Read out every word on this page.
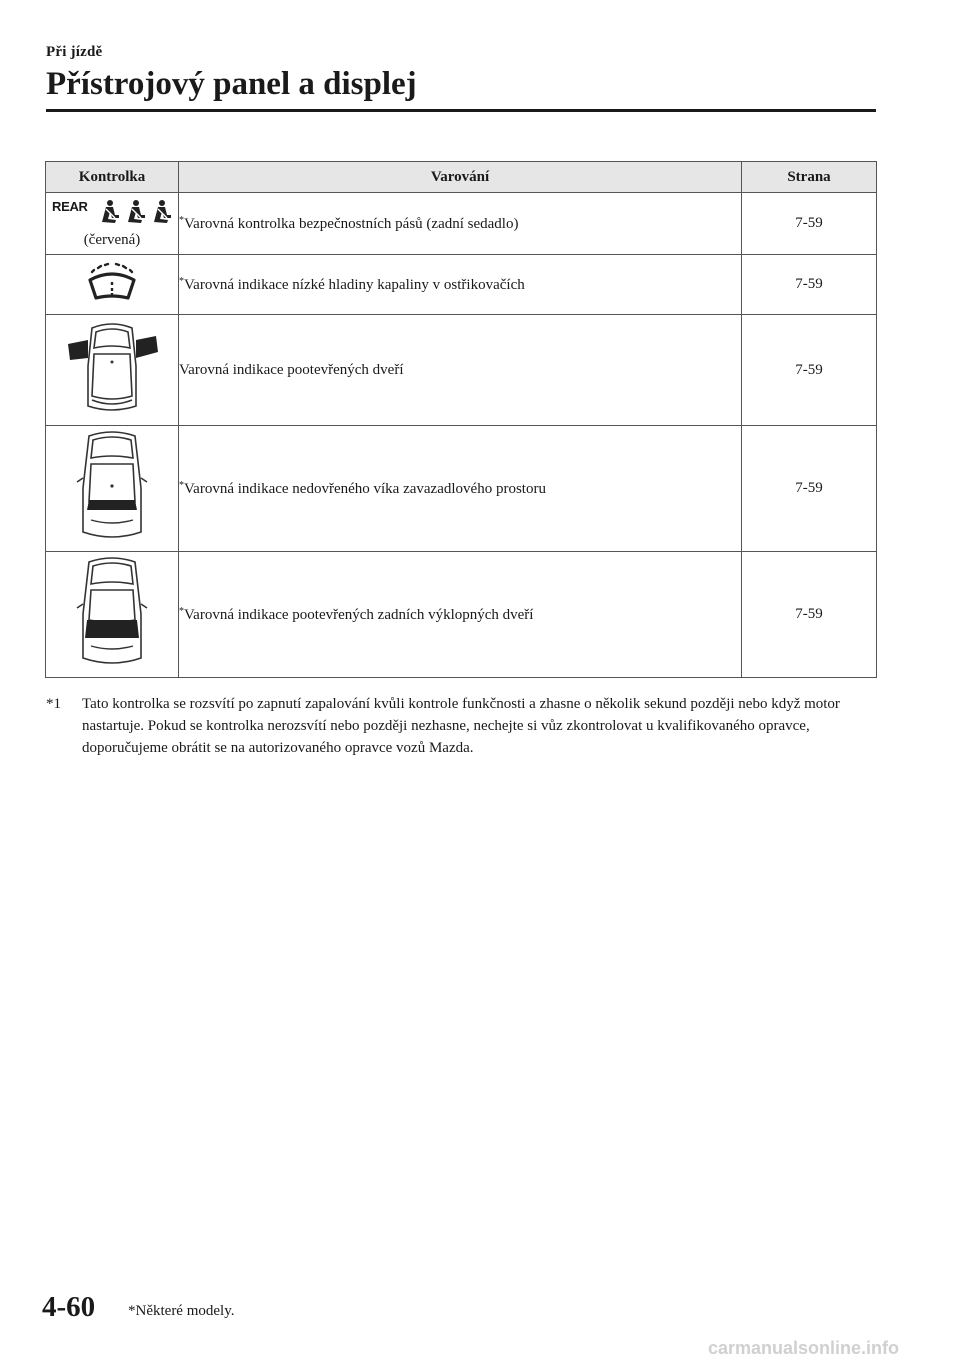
Při jízdě
Přístrojový panel a displej
Kontrolka	Varování	Strana

REAR
(červená)	*Varovná kontrolka bezpečnostních pásů (zadní sedadlo)	7-59
	*Varovná indikace nízké hladiny kapaliny v ostřikovačích	7-59
	Varovná indikace pootevřených dveří	7-59
	*Varovná indikace nedovřeného víka zavazadlového prostoru	7-59
	*Varovná indikace pootevřených zadních výklopných dveří	7-59
*1 Tato kontrolka se rozsvítí po zapnutí zapalování kvůli kontrole funkčnosti a zhasne o několik sekund později nebo když motor nastartuje. Pokud se kontrolka nerozsvítí nebo později nezhasne, nechejte si vůz zkontrolovat u kvalifikovaného opravce, doporučujeme obrátit se na autorizovaného opravce vozů Mazda.
4-60 *Některé modely.
carmanualsonline.info
